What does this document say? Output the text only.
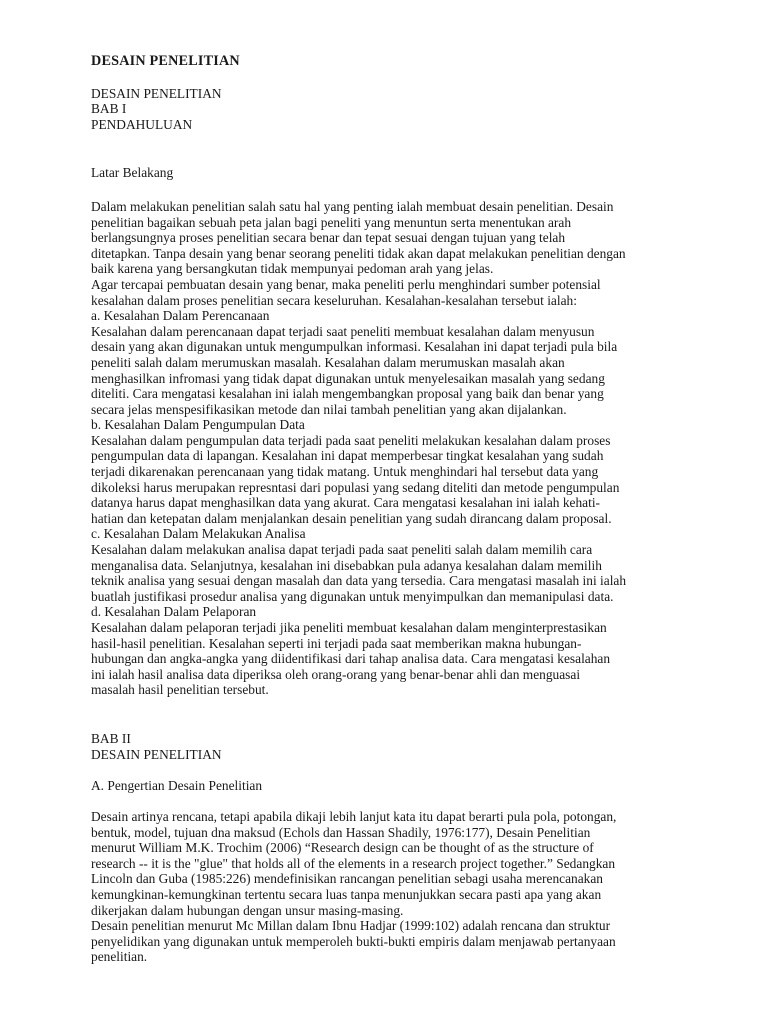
DESAIN PENELITIAN
DESAIN PENELITIAN
BAB I
PENDAHULUAN
Latar Belakang
Dalam melakukan penelitian salah satu hal yang penting ialah membuat desain penelitian. Desain
penelitian bagaikan sebuah peta jalan bagi peneliti yang menuntun serta menentukan arah
berlangsungnya proses penelitian secara benar dan tepat sesuai dengan tujuan yang telah
ditetapkan. Tanpa desain yang benar seorang peneliti tidak akan dapat melakukan penelitian dengan
baik karena yang bersangkutan tidak mempunyai pedoman arah yang jelas.
Agar tercapai pembuatan desain yang benar, maka peneliti perlu menghindari sumber potensial
kesalahan dalam proses penelitian secara keseluruhan. Kesalahan-kesalahan tersebut ialah:
a. Kesalahan Dalam Perencanaan
Kesalahan dalam perencanaan dapat terjadi saat peneliti membuat kesalahan dalam menyusun
desain yang akan digunakan untuk mengumpulkan informasi. Kesalahan ini dapat terjadi pula bila
peneliti salah dalam merumuskan masalah. Kesalahan dalam merumuskan masalah akan
menghasilkan infromasi yang tidak dapat digunakan untuk menyelesaikan masalah yang sedang
diteliti. Cara mengatasi kesalahan ini ialah mengembangkan proposal yang baik dan benar yang
secara jelas menspesifikasikan metode dan nilai tambah penelitian yang akan dijalankan.
b. Kesalahan Dalam Pengumpulan Data
Kesalahan dalam pengumpulan data terjadi pada saat peneliti melakukan kesalahan dalam proses
pengumpulan data di lapangan. Kesalahan ini dapat memperbesar tingkat kesalahan yang sudah
terjadi dikarenakan perencanaan yang tidak matang. Untuk menghindari hal tersebut data yang
dikoleksi harus merupakan represntasi dari populasi yang sedang diteliti dan metode pengumpulan
datanya harus dapat menghasilkan data yang akurat. Cara mengatasi kesalahan ini ialah kehati-
hatian dan ketepatan dalam menjalankan desain penelitian yang sudah dirancang dalam proposal.
c. Kesalahan Dalam Melakukan Analisa
Kesalahan dalam melakukan analisa dapat terjadi pada saat peneliti salah dalam memilih cara
menganalisa data. Selanjutnya, kesalahan ini disebabkan pula adanya kesalahan dalam memilih
teknik analisa yang sesuai dengan masalah dan data yang tersedia. Cara mengatasi masalah ini ialah
buatlah justifikasi prosedur analisa yang digunakan untuk menyimpulkan dan memanipulasi data.
d. Kesalahan Dalam Pelaporan
Kesalahan dalam pelaporan terjadi jika peneliti membuat kesalahan dalam menginterprestasikan
hasil-hasil penelitian. Kesalahan seperti ini terjadi pada saat memberikan makna hubungan-
hubungan dan angka-angka yang diidentifikasi dari tahap analisa data. Cara mengatasi kesalahan
ini ialah hasil analisa data diperiksa oleh orang-orang yang benar-benar ahli dan menguasai
masalah hasil penelitian tersebut.
BAB II
DESAIN PENELITIAN
A. Pengertian Desain Penelitian
Desain artinya rencana, tetapi apabila dikaji lebih lanjut kata itu dapat berarti pula pola, potongan,
bentuk, model, tujuan dna maksud (Echols dan Hassan Shadily, 1976:177), Desain Penelitian
menurut William M.K. Trochim (2006) “Research design can be thought of as the structure of
research -- it is the "glue" that holds all of the elements in a research project together.” Sedangkan
Lincoln dan Guba (1985:226) mendefinisikan rancangan penelitian sebagi usaha merencanakan
kemungkinan-kemungkinan tertentu secara luas tanpa menunjukkan secara pasti apa yang akan
dikerjakan dalam hubungan dengan unsur masing-masing.
Desain penelitian menurut Mc Millan dalam Ibnu Hadjar (1999:102) adalah rencana dan struktur
penyelidikan yang digunakan untuk memperoleh bukti-bukti empiris dalam menjawab pertanyaan
penelitian.
